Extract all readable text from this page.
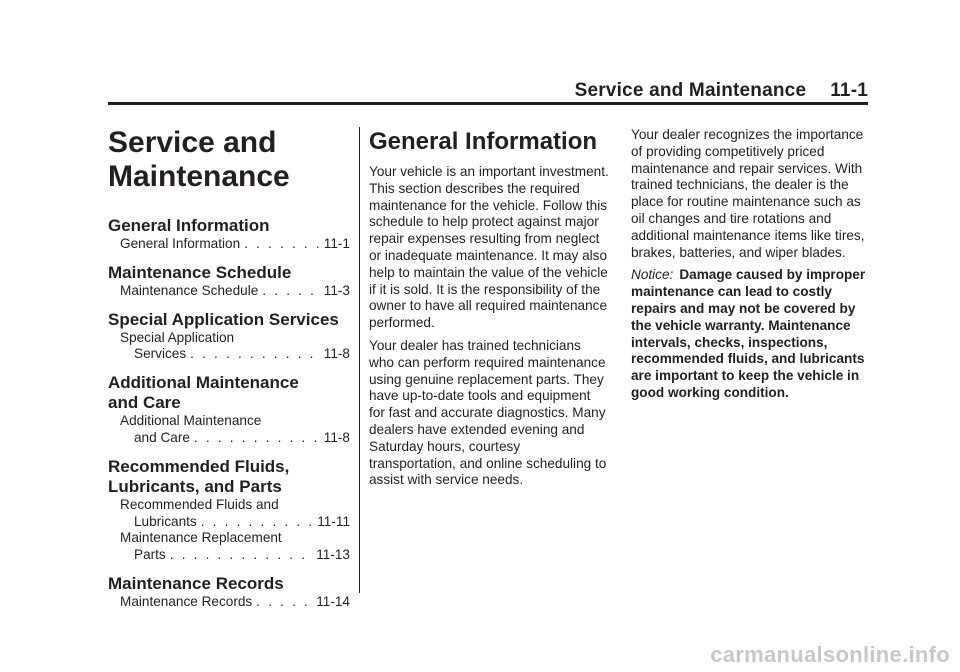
Service and Maintenance 11-1
Service and
Maintenance
General Information
General Information . . .	11-1
Maintenance Schedule
Maintenance Schedule . . .	11-3
Special Application Services
Special Application
Services . . .	11-8
Additional Maintenance
and Care
Additional Maintenance
and Care . . .	11-8
Recommended Fluids,
Lubricants, and Parts
Recommended Fluids and
Lubricants . . .	11-11
Maintenance Replacement
Parts . . .	11-13
Maintenance Records
Maintenance Records . . .	11-14
General Information

Your vehicle is an important investment. This section describes the required maintenance for the vehicle. Follow this schedule to help protect against major repair expenses resulting from neglect or inadequate maintenance. It may also help to maintain the value of the vehicle if it is sold. It is the responsibility of the owner to have all required maintenance performed.

Your dealer has trained technicians who can perform required maintenance using genuine replacement parts. They have up-to-date tools and equipment for fast and accurate diagnostics. Many dealers have extended evening and Saturday hours, courtesy transportation, and online scheduling to assist with service needs.

Your dealer recognizes the importance of providing competitively priced maintenance and repair services. With trained technicians, the dealer is the place for routine maintenance such as oil changes and tire rotations and additional maintenance items like tires, brakes, batteries, and wiper blades.

Notice: Damage caused by improper maintenance can lead to costly repairs and may not be covered by the vehicle warranty. Maintenance intervals, checks, inspections, recommended fluids, and lubricants are important to keep the vehicle in good working condition.

carmanualsonline.info
